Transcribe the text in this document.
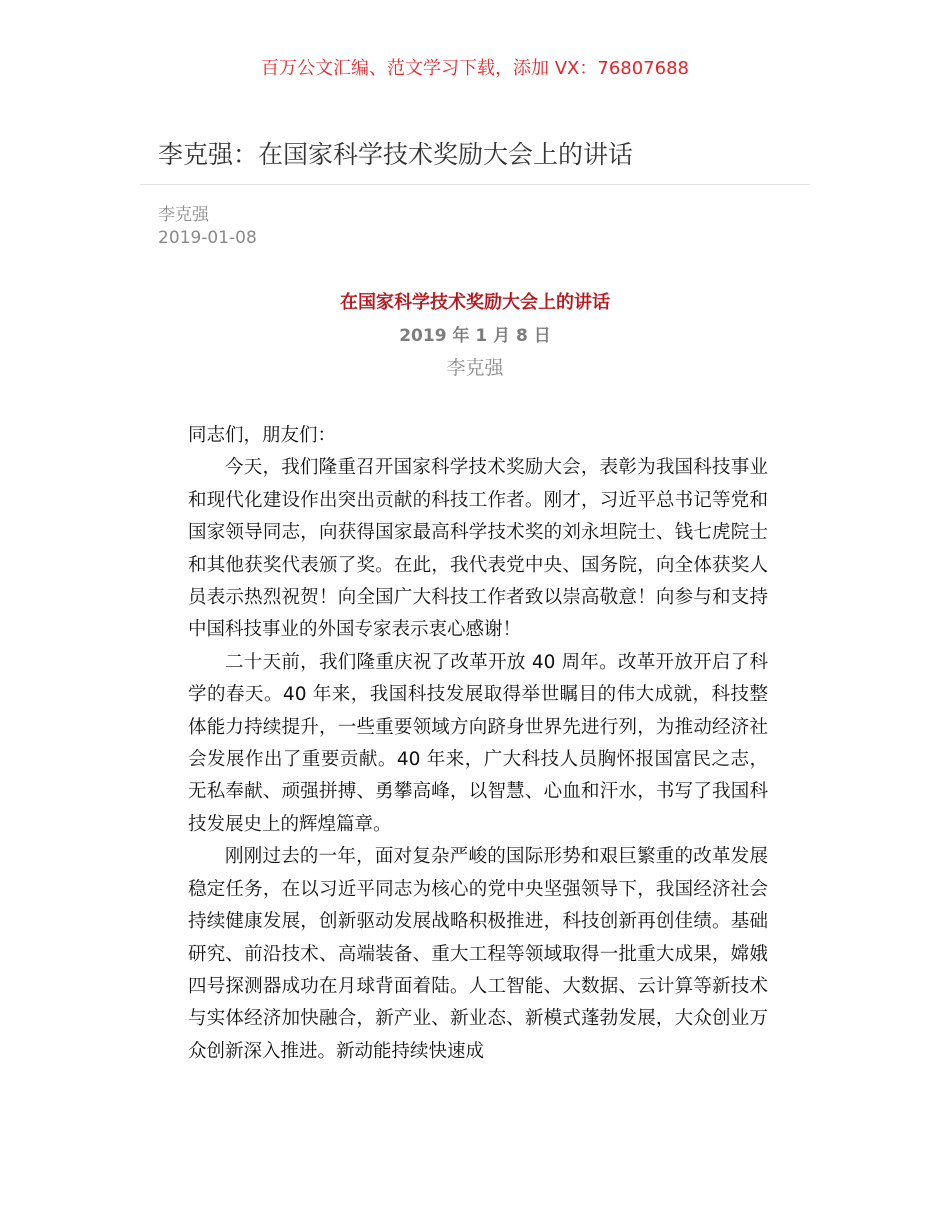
百万公文汇编、范文学习下载，添加 VX：76807688

李克强：在国家科学技术奖励大会上的讲话

李克强

2019-01-08

在国家科学技术奖励大会上的讲话

2019 年 1 月 8 日

李克强

同志们，朋友们：

今天，我们隆重召开国家科学技术奖励大会，表彰为我国科技事业和现代化建设作出突出贡献的科技工作者。刚才，习近平总书记等党和国家领导同志，向获得国家最高科学技术奖的刘永坦院士、钱七虎院士和其他获奖代表颁了奖。在此，我代表党中央、国务院，向全体获奖人员表示热烈祝贺！向全国广大科技工作者致以崇高敬意！向参与和支持中国科技事业的外国专家表示衷心感谢！

二十天前，我们隆重庆祝了改革开放 40 周年。改革开放开启了科学的春天。40 年来，我国科技发展取得举世瞩目的伟大成就，科技整体能力持续提升，一些重要领域方向跻身世界先进行列，为推动经济社会发展作出了重要贡献。40 年来，广大科技人员胸怀报国富民之志，无私奉献、顽强拼搏、勇攀高峰，以智慧、心血和汗水，书写了我国科技发展史上的辉煌篇章。

刚刚过去的一年，面对复杂严峻的国际形势和艰巨繁重的改革发展稳定任务，在以习近平同志为核心的党中央坚强领导下，我国经济社会持续健康发展，创新驱动发展战略积极推进，科技创新再创佳绩。基础研究、前沿技术、高端装备、重大工程等领域取得一批重大成果，嫦娥四号探测器成功在月球背面着陆。人工智能、大数据、云计算等新技术与实体经济加快融合，新产业、新业态、新模式蓬勃发展，大众创业万众创新深入推进。新动能持续快速成
